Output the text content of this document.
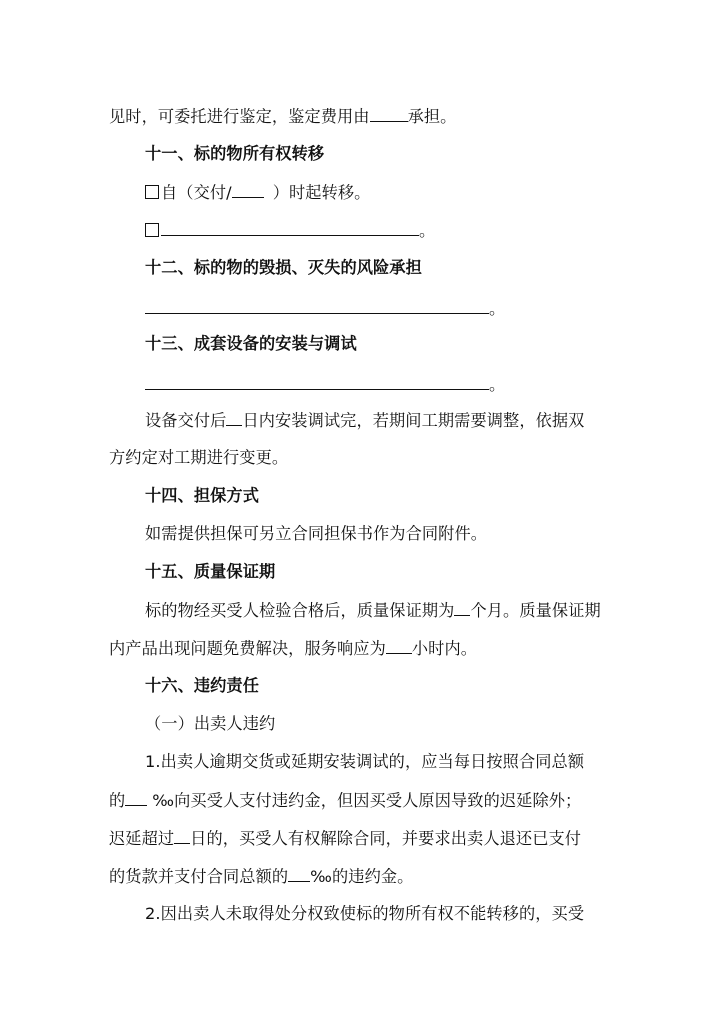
见时，可委托进行鉴定，鉴定费用由 承担。
十一、标的物所有权转移
自（交付/	）时起转移。
。
十二、标的物的毁损、灭失的风险承担
。
十三、成套设备的安装与调试
。
设备交付后 日内安装调试完，若期间工期需要调整，依据双
方约定对工期进行变更。
十四、担保方式
如需提供担保可另立合同担保书作为合同附件。
十五、质量保证期
标的物经买受人检验合格后，质量保证期为 个月。质量保证期
内产品出现问题免费解决，服务响应为 小时内。
十六、违约责任
（一）出卖人违约
1.出卖人逾期交货或延期安装调试的，应当每日按照合同总额
的 ‰向买受人支付违约金，但因买受人原因导致的迟延除外；
迟延超过 日的，买受人有权解除合同，并要求出卖人退还已支付
的货款并支付合同总额的 ‰的违约金。
2.因出卖人未取得处分权致使标的物所有权不能转移的，买受
